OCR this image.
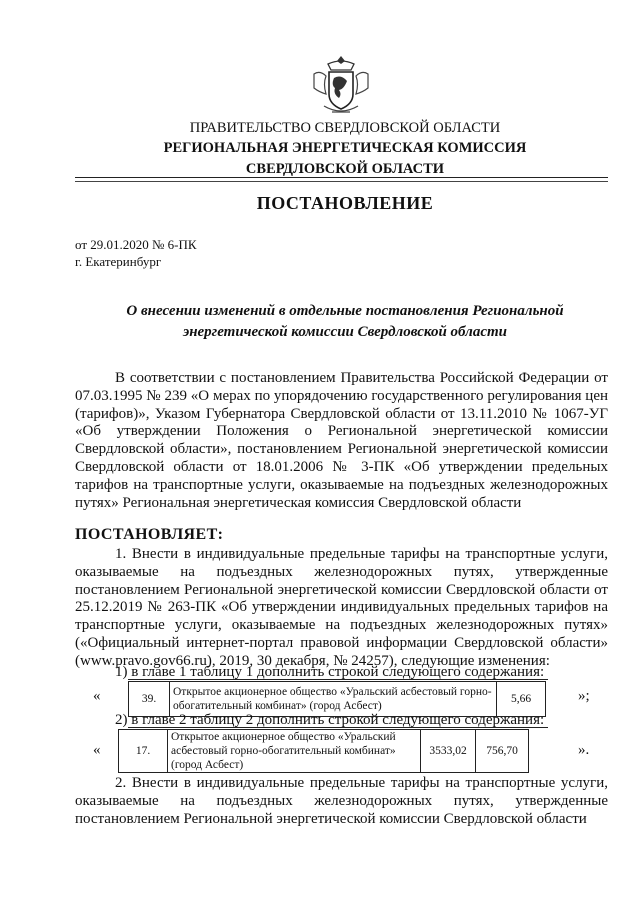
ПРАВИТЕЛЬСТВО СВЕРДЛОВСКОЙ ОБЛАСТИ
РЕГИОНАЛЬНАЯ ЭНЕРГЕТИЧЕСКАЯ КОМИССИЯ
СВЕРДЛОВСКОЙ ОБЛАСТИ
ПОСТАНОВЛЕНИЕ
от 29.01.2020 № 6-ПК
г. Екатеринбург
О внесении изменений в отдельные постановления Региональной энергетической комиссии Свердловской области
В соответствии с постановлением Правительства Российской Федерации от 07.03.1995 № 239 «О мерах по упорядочению государственного регулирования цен (тарифов)», Указом Губернатора Свердловской области от 13.11.2010 № 1067-УГ «Об утверждении Положения о Региональной энергетической комиссии Свердловской области», постановлением Региональной энергетической комиссии Свердловской области от 18.01.2006 № 3-ПК «Об утверждении предельных тарифов на транспортные услуги, оказываемые на подъездных железнодорожных путях» Региональная энергетическая комиссия Свердловской области
ПОСТАНОВЛЯЕТ:
1. Внести в индивидуальные предельные тарифы на транспортные услуги, оказываемые на подъездных железнодорожных путях, утвержденные постановлением Региональной энергетической комиссии Свердловской области от 25.12.2019 № 263-ПК «Об утверждении индивидуальных предельных тарифов на транспортные услуги, оказываемые на подъездных железнодорожных путях» («Официальный интернет-портал правовой информации Свердловской области» (www.pravo.gov66.ru), 2019, 30 декабря, № 24257), следующие изменения:
1) в главе 1 таблицу 1 дополнить строкой следующего содержания:
«	39.	Открытое акционерное общество «Уральский асбестовый горно-обогатительный комбинат» (город Асбест)	5,66	»;
2) в главе 2 таблицу 2 дополнить строкой следующего содержания:
«	17.	Открытое акционерное общество «Уральский асбестовый горно-обогатительный комбинат» (город Асбест)	3533,02	756,70	».
2. Внести в индивидуальные предельные тарифы на транспортные услуги, оказываемые на подъездных железнодорожных путях, утвержденные постановлением Региональной энергетической комиссии Свердловской области
